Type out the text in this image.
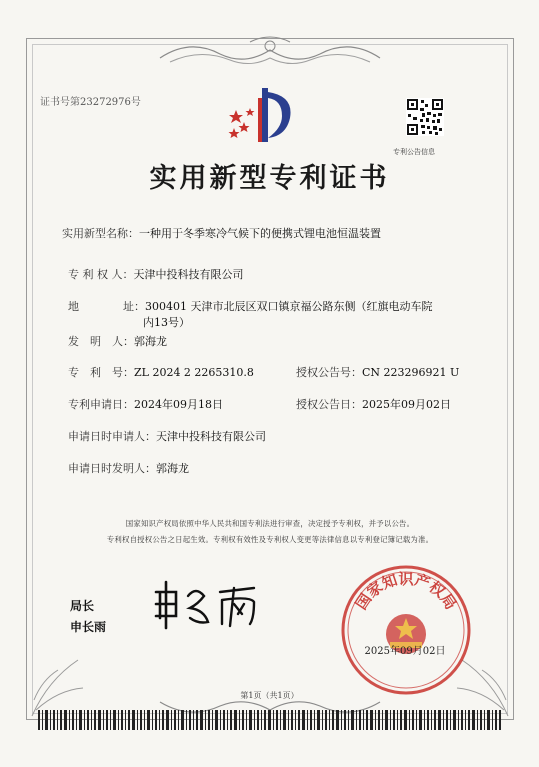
证书号第23272976号
专利公告信息
实用新型专利证书
实用新型名称：一种用于冬季寒冷气候下的便携式锂电池恒温装置
专 利 权 人：天津中投科技有限公司
地　　　　址：300401 天津市北辰区双口镇京福公路东侧（红旗电动车院
内13号）
发　明　人：郭海龙
专　利　号：ZL 2024 2 2265310.8	授权公告号：CN 223296921 U
专利申请日：2024年09月18日	授权公告日：2025年09月02日
申请日时申请人：天津中投科技有限公司
申请日时发明人：郭海龙
国家知识产权局依照中华人民共和国专利法进行审查，决定授予专利权，并予以公告。
专利权自授权公告之日起生效。专利权有效性及专利权人变更等法律信息以专利登记簿记载为准。
局长
申长雨
国家知识产权局
2025年09月02日
第1页（共1页）
